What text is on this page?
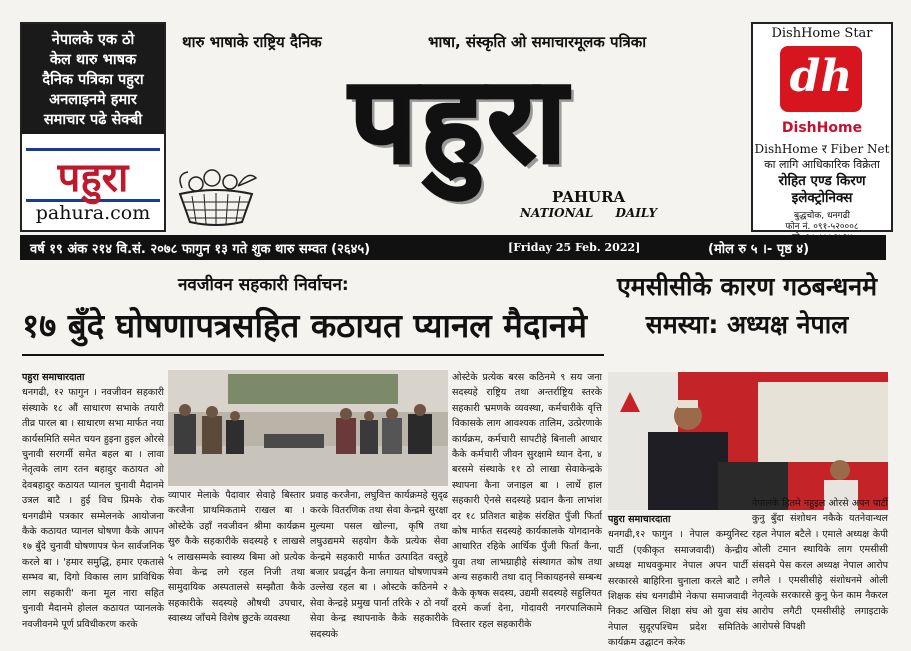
नेपालके एक ठो
केल थारु भाषक
दैनिक पत्रिका पहुरा
अनलाइनमे हमार
समाचार पढे सेक्बी
पहुरा
pahura.com
थारु भाषाके राष्ट्रिय दैनिक	भाषा, संस्कृति ओ समाचारमूलक पत्रिका
पहुरा
PAHURA
NATIONAL DAILY
DishHome Star
dh
DishHome
DishHome र Fiber Net
का लागि आधिकारिक विक्रेता
रोहित एण्ड किरण
इलेक्ट्रोनिक्स
बुद्धचोक, धनगढी
फोन नं. ०९१-५२०००८
वर्ष १९ अंक २१४ वि.सं. २०७८ फागुन १३ गते शुक थारु सम्वत (२६४५)	[Friday 25 Feb. 2022]	(मोल रु ५ ।- पृष्ठ ४)
नवजीवन सहकारी निर्वाचन:
१७ बुँदे घोषणापत्रसहित कठायत प्यानल मैदानमे
एमसीसीके कारण गठबन्धनमे समस्या: अध्यक्ष नेपाल
पहुरा समाचारदाता
धनगढी, १२ फागुन । नवजीवन सहकारी संस्थाके १८ औं साधारण सभाके तयारी तीव्र पारल बा । साधारण सभा मार्फत नया कार्यसमिति समेत चयन हुइना हुइल ओरसे चुनावी सरगर्मी समेत बहल बा । लावा नेतृत्वके लाग रतन बहादुर कठायत ओ देवबहादुर कठायत प्यानल चुनावी मैदानमे उत्रल बाटै । हुई विच प्रिमके रोक धनगढीमे पत्रकार सम्मेलनके आयोजना कैके कठायत प्यानल घोषणा कैके आपन १७ बुँदे चुनावी घोषणापत्र फेन सार्वजनिक करले बा । 'हमार समुद्धि, हमार एकतासे सम्भव बा, दिगो विकास लाग प्राविधिक लाग सहकारी' कना मूल नारा सहित चुनावी मैदानमे होलल कठायत प्यानलके नवजीवनमे पूर्ण प्रविधीकरण करके
व्यापार मेलाके पैदावार सेवाहे बिस्तार करजैना प्राथमिकतामे राखल बा । ओस्टेके उहाँ नवजीवन श्रीमा कार्यक्रम सुरु कैके सहकारीके सदस्यहे १ लाखसे ५ लाखसम्मके स्वास्थ्य बिमा ओ प्रत्येक सेवा केन्द्र लगे रहल निजी तथा सामुदायिक अस्पतालसे सम्झौता कैके सहकारीके सदस्यहे औषधी उपचार, स्वास्थ्य जाँचमे विशेष छुटके व्यवस्था
प्रवाह करजैना, लघुवित्त कार्यक्रमहे सुदृढ करके वितरणिक तथा सेवा केन्द्रमे सुरक्षा मुल्यमा पसल खोल्ना, कृषि तथा लघुउद्यममे सहयोग कैके प्रत्येक सेवा केन्द्रमे सहकारी मार्फत उत्पादित वस्तुहे बजार प्रवर्द्धन कैना लगायत घोषणापत्रमे उल्लेख रहल बा । ओस्टके कठिनमे २ सेवा केन्द्रहे प्रमुख पार्ना तरिके २ ठो नयाँ सेवा केन्द्र स्थापनाके कैके सहकारीके सदस्यके
ओस्टेके प्रत्येक बरस कठिनमे ९ सय जना सदस्यहे राष्ट्रिय तथा अन्तर्राष्ट्रिय स्तरके सहकारी भ्रमणके व्यवस्था, कर्मचारीके वृत्ति विकासके लाग आवश्यक तालिम, उत्प्रेरणाके कार्यक्रम, कर्मचारी सापटीहे बिनाली आधार कैके कर्मचारी जीवन सुरक्षामे ध्यान देना, ४ बरसमे संस्थाके ११ ठो लाखा सेवाकेन्द्रके स्थापना कैना जनाइल बा । लार्धे हाल सहकारी ऐनसे सदस्यहे प्रदान कैना लाभांश दर १८ प्रतिशत बाहेक संरक्षित पुँजी फिर्ता कोष मार्फत सदस्यहे कार्यकालके योगदानके आधारित रहिके आर्थिक पुँजी फिर्ता कैना, युवा तथा लाभग्राहीहे संस्थागत कोष तथा अन्य सहकारी तथा दातृ निकायहनसे सम्बन्ध कैके कृषक सदस्य, उद्यमी सदस्यहे सहुलियत दरमे कर्जा देना, गोदावरी नगरपालिकामे विस्तार रहल सहकारीके
पहुरा समाचारदाता
धनगढी,१२ फागुन । नेपाल कम्युनिस्ट पार्टी (एकीकृत समाजवादी) केन्द्रीय अध्यक्ष माधवकुमार नेपाल अपन पार्टी सरकारसे बाहिरिना चुनाला करले बाटै । शिक्षक संघ धनगढीमे नेकपा समाजवादी निकट अखिल शिक्षा संघ ओ युवा संघ नेपाल सुदूरपश्चिम प्रदेश समितिके कार्यक्रम उद्घाटन करेक
नेपालके हितमे नहुइल ओरसे अपन पार्टी कुनु बुँदा संशोधन नकैके यतनेवान्थल रहल नेपाल बटैले । एमाले अध्यक्ष केपी ओली टमान स्थायिके लाग एमसीसी संसदमे पेस करल अध्यक्ष नेपाल आरोप लगैले । एमसीसीहे संशोधनमे ओली नेतृत्वके सरकारसे कुनु फेन काम नैकरल आरोप लगैटी एमसीसीहे लगाइटाके आरोपसे विपक्षी
